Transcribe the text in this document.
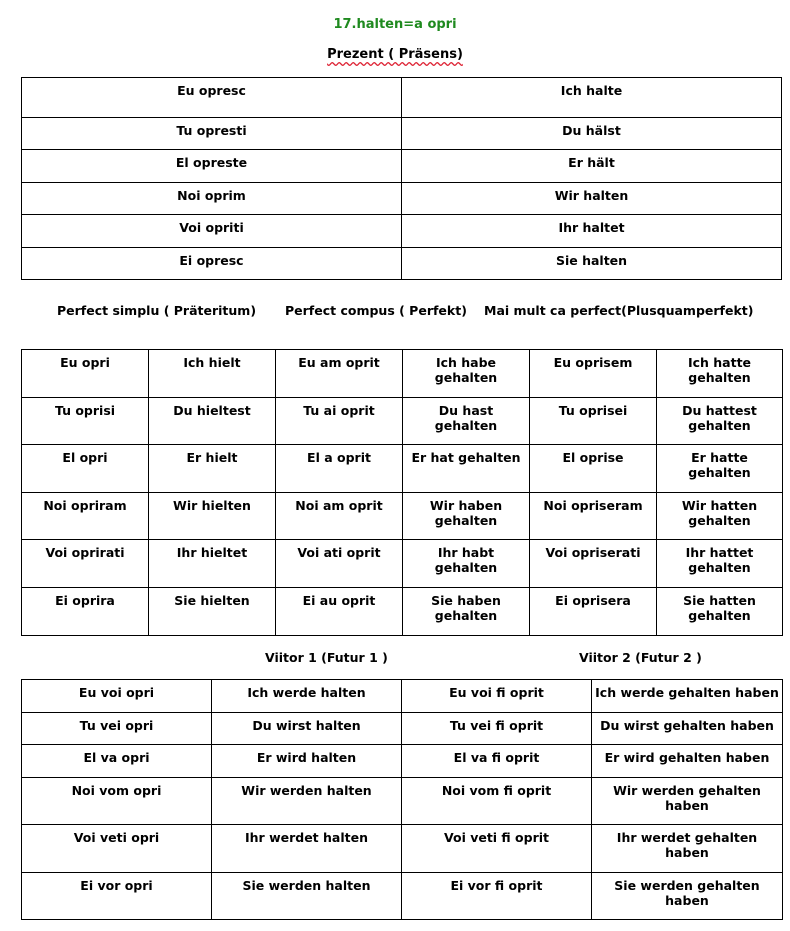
17.halten=a opri
Prezent ( Präsens)
Eu opresc	Ich halte
Tu opresti	Du hälst
El opreste	Er hält
Noi oprim	Wir halten
Voi opriti	Ihr haltet
Ei opresc	Sie halten
Perfect simplu ( Präteritum) Perfect compus ( Perfekt) Mai mult ca perfect(Plusquamperfekt)
Eu opri	Ich hielt	Eu am oprit	Ich habe gehalten	Eu oprisem	Ich hatte gehalten
Tu oprisi	Du hieltest	Tu ai oprit	Du hast gehalten	Tu oprisei	Du hattest gehalten
El opri	Er hielt	El a oprit	Er hat gehalten	El oprise	Er hatte gehalten
Noi opriram	Wir hielten	Noi am oprit	Wir haben gehalten	Noi opriseram	Wir hatten gehalten
Voi oprirati	Ihr hieltet	Voi ati oprit	Ihr habt gehalten	Voi opriserati	Ihr hattet gehalten
Ei oprira	Sie hielten	Ei au oprit	Sie haben gehalten	Ei oprisera	Sie hatten gehalten
Viitor 1 (Futur 1 )	Viitor 2 (Futur 2 )
Eu voi opri	Ich werde halten	Eu voi fi oprit	Ich werde gehalten haben
Tu vei opri	Du wirst halten	Tu vei fi oprit	Du wirst gehalten haben
El va opri	Er wird halten	El va fi oprit	Er wird gehalten haben
Noi vom opri	Wir werden halten	Noi vom fi oprit	Wir werden gehalten haben
Voi veti opri	Ihr werdet halten	Voi veti fi oprit	Ihr werdet gehalten haben
Ei vor opri	Sie werden halten	Ei vor fi oprit	Sie werden gehalten haben
